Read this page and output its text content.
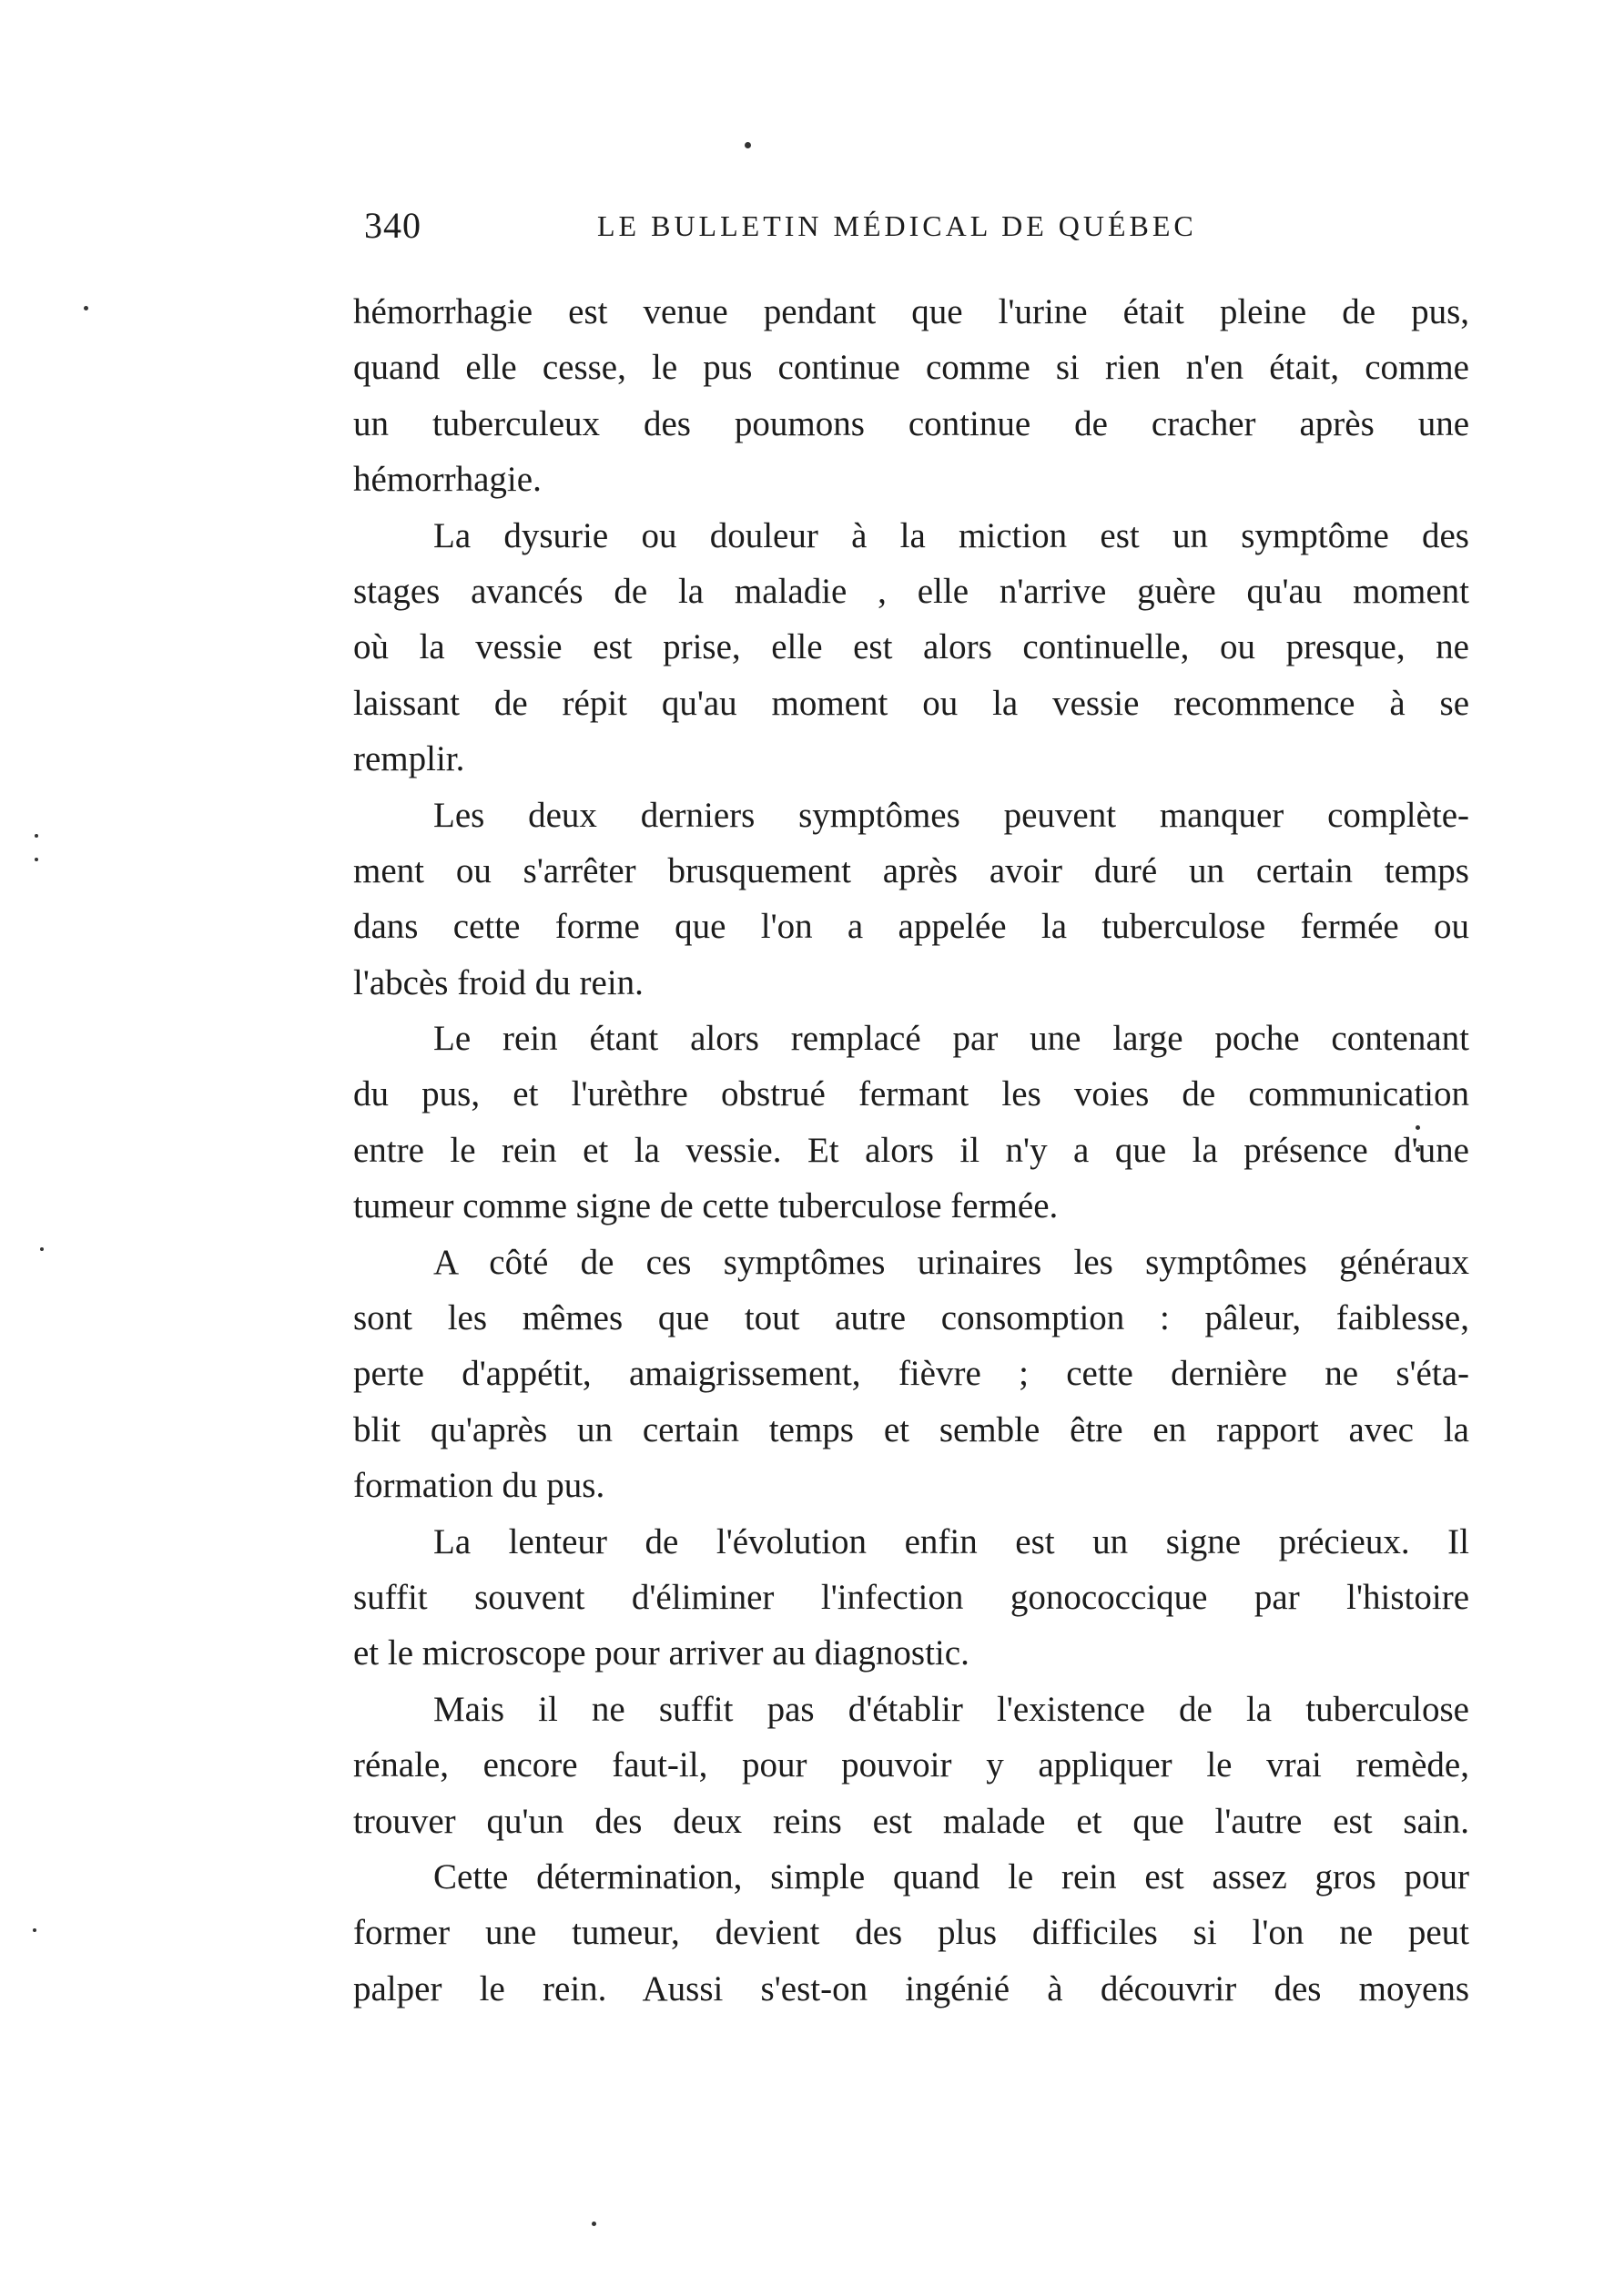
340	LE BULLETIN MÉDICAL DE QUÉBEC
hémorrhagie est venue pendant que l'urine était pleine de pus,
quand elle cesse, le pus continue comme si rien n'en était, comme
un tuberculeux des poumons continue de cracher après une
hémorrhagie.
La dysurie ou douleur à la miction est un symptôme des
stages avancés de la maladie , elle n'arrive guère qu'au moment
où la vessie est prise, elle est alors continuelle, ou presque, ne
laissant de répit qu'au moment ou la vessie recommence à se
remplir.
Les deux derniers symptômes peuvent manquer complète-
ment ou s'arrêter brusquement après avoir duré un certain temps
dans cette forme que l'on a appelée la tuberculose fermée ou
l'abcès froid du rein.
Le rein étant alors remplacé par une large poche contenant
du pus, et l'urèthre obstrué fermant les voies de communication
entre le rein et la vessie. Et alors il n'y a que la présence d'une
tumeur comme signe de cette tuberculose fermée.
A côté de ces symptômes urinaires les symptômes généraux
sont les mêmes que tout autre consomption : pâleur, faiblesse,
perte d'appétit, amaigrissement, fièvre ; cette dernière ne s'éta-
blit qu'après un certain temps et semble être en rapport avec la
formation du pus.
La lenteur de l'évolution enfin est un signe précieux. Il
suffit souvent d'éliminer l'infection gonococcique par l'histoire
et le microscope pour arriver au diagnostic.
Mais il ne suffit pas d'établir l'existence de la tuberculose
rénale, encore faut-il, pour pouvoir y appliquer le vrai remède,
trouver qu'un des deux reins est malade et que l'autre est sain.
Cette détermination, simple quand le rein est assez gros pour
former une tumeur, devient des plus difficiles si l'on ne peut
palper le rein. Aussi s'est-on ingénié à découvrir des moyens
